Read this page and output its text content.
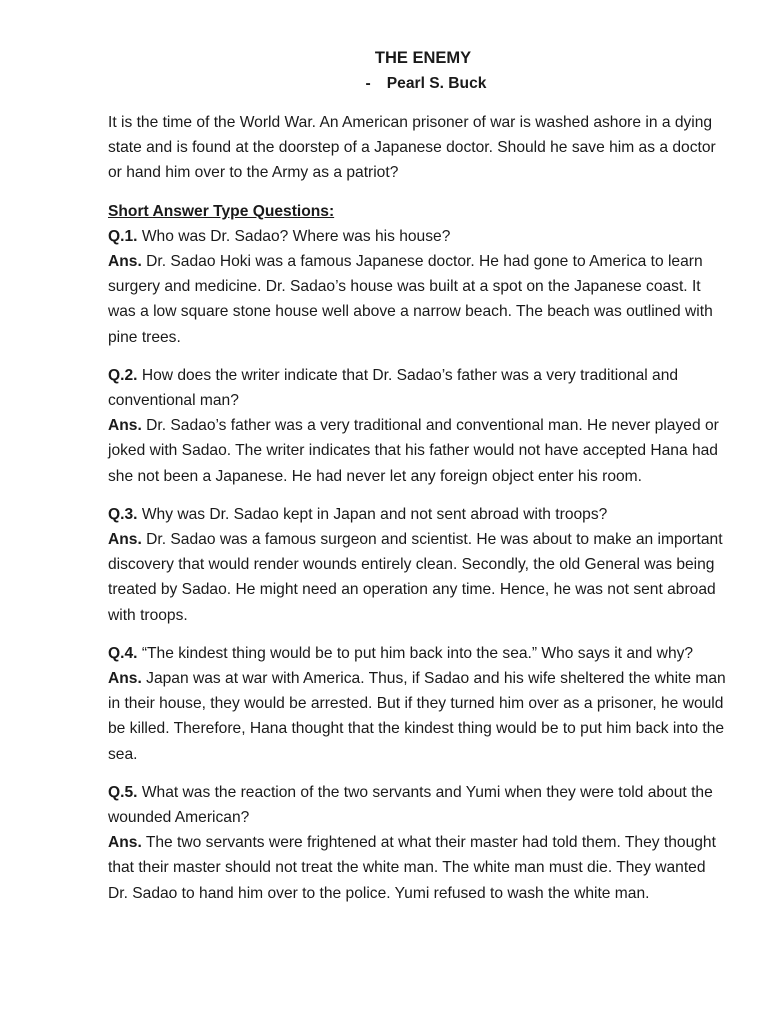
THE ENEMY
- Pearl S. Buck

It is the time of the World War. An American prisoner of war is washed ashore in a dying state and is found at the doorstep of a Japanese doctor. Should he save him as a doctor or hand him over to the Army as a patriot?

Short Answer Type Questions:

Q.1. Who was Dr. Sadao? Where was his house?

Ans. Dr. Sadao Hoki was a famous Japanese doctor. He had gone to America to learn surgery and medicine. Dr. Sadao’s house was built at a spot on the Japanese coast. It was a low square stone house well above a narrow beach. The beach was outlined with pine trees.

Q.2. How does the writer indicate that Dr. Sadao’s father was a very traditional and conventional man?

Ans. Dr. Sadao’s father was a very traditional and conventional man. He never played or joked with Sadao. The writer indicates that his father would not have accepted Hana had she not been a Japanese. He had never let any foreign object enter his room.

Q.3. Why was Dr. Sadao kept in Japan and not sent abroad with troops?

Ans. Dr. Sadao was a famous surgeon and scientist. He was about to make an important discovery that would render wounds entirely clean. Secondly, the old General was being treated by Sadao. He might need an operation any time. Hence, he was not sent abroad with troops.

Q.4. “The kindest thing would be to put him back into the sea.” Who says it and why?

Ans. Japan was at war with America. Thus, if Sadao and his wife sheltered the white man in their house, they would be arrested. But if they turned him over as a prisoner, he would be killed. Therefore, Hana thought that the kindest thing would be to put him back into the sea.

Q.5. What was the reaction of the two servants and Yumi when they were told about the wounded American?

Ans. The two servants were frightened at what their master had told them. They thought that their master should not treat the white man. The white man must die. They wanted Dr. Sadao to hand him over to the police. Yumi refused to wash the white man.
